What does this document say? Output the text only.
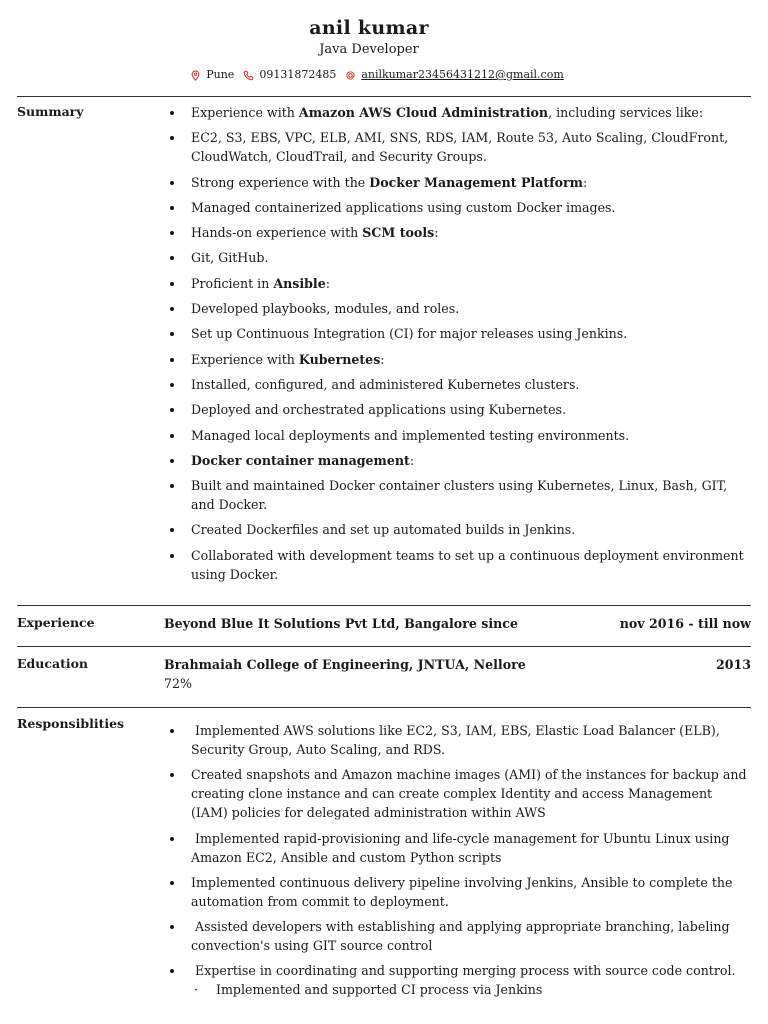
anil kumar
Java Developer
Pune 09131872485 anilkumar23456431212@gmail.com
Summary	Experience with Amazon AWS Cloud Administration, including services like:
EC2, S3, EBS, VPC, ELB, AMI, SNS, RDS, IAM, Route 53, Auto Scaling, CloudFront, CloudWatch, CloudTrail, and Security Groups.
Strong experience with the Docker Management Platform:
Managed containerized applications using custom Docker images.
Hands-on experience with SCM tools:
Git, GitHub.
Proficient in Ansible:
Developed playbooks, modules, and roles.
Set up Continuous Integration (CI) for major releases using Jenkins.
Experience with Kubernetes:
Installed, configured, and administered Kubernetes clusters.
Deployed and orchestrated applications using Kubernetes.
Managed local deployments and implemented testing environments.
Docker container management:
Built and maintained Docker container clusters using Kubernetes, Linux, Bash, GIT, and Docker.
Created Dockerfiles and set up automated builds in Jenkins.
Collaborated with development teams to set up a continuous deployment environment using Docker.
Experience	Beyond Blue It Solutions Pvt Ltd, Bangalore since	nov 2016 - till now
Education	Brahmaiah College of Engineering, JNTUA, Nellore	2013
72%
Responsiblities	Implemented AWS solutions like EC2, S3, IAM, EBS, Elastic Load Balancer (ELB), Security Group, Auto Scaling, and RDS.
Created snapshots and Amazon machine images (AMI) of the instances for backup and creating clone instance and can create complex Identity and access Management (IAM) policies for delegated administration within AWS
Implemented rapid-provisioning and life-cycle management for Ubuntu Linux using Amazon EC2, Ansible and custom Python scripts
Implemented continuous delivery pipeline involving Jenkins, Ansible to complete the automation from commit to deployment.
Assisted developers with establishing and applying appropriate branching, labeling convection's using GIT source control
Expertise in coordinating and supporting merging process with source code control.
· Implemented and supported CI process via Jenkins
